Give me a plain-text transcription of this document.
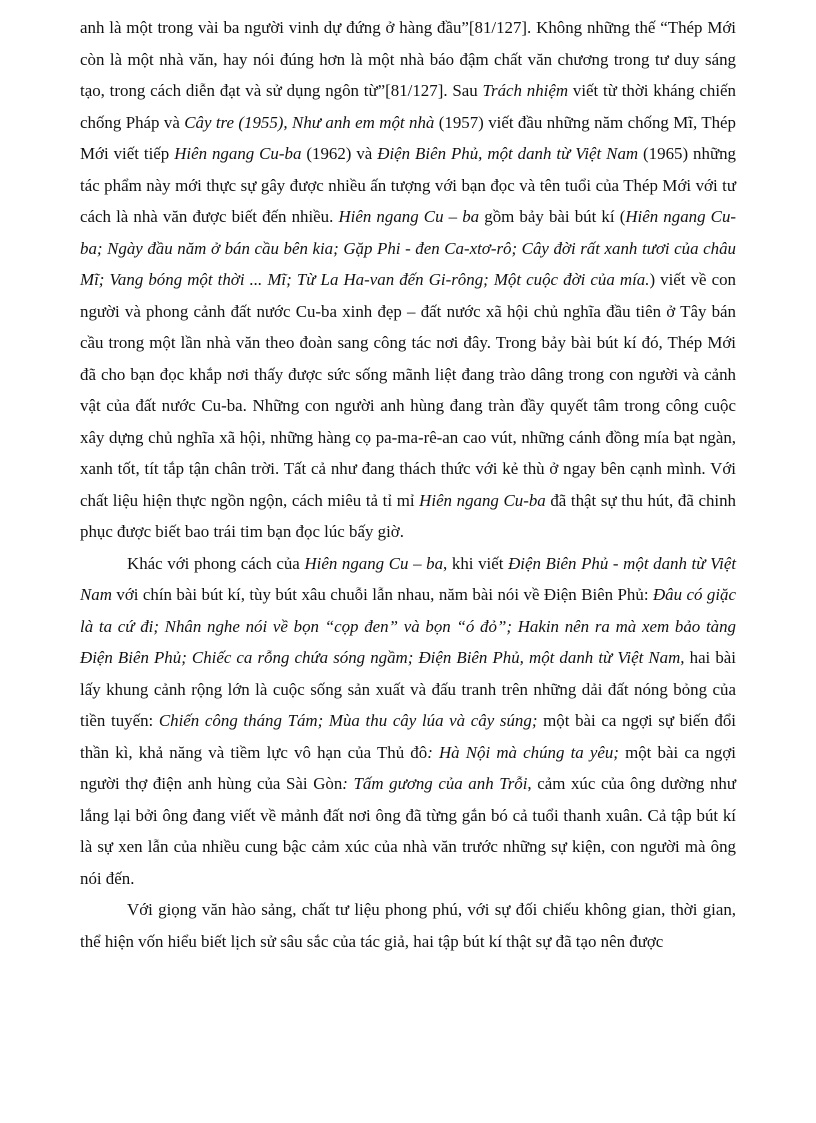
anh là một trong vài ba người vinh dự đứng ở hàng đầu”[81/127]. Không những thế “Thép Mới còn là một nhà văn, hay nói đúng hơn là một nhà báo đậm chất văn chương trong tư duy sáng tạo, trong cách diễn đạt và sử dụng ngôn từ”[81/127]. Sau Trách nhiệm viết từ thời kháng chiến chống Pháp và Cây tre (1955), Như anh em một nhà (1957) viết đầu những năm chống Mĩ, Thép Mới viết tiếp Hiên ngang Cu-ba (1962) và Điện Biên Phủ, một danh từ Việt Nam (1965) những tác phẩm này mới thực sự gây được nhiều ấn tượng với bạn đọc và tên tuổi của Thép Mới với tư cách là nhà văn được biết đến nhiều. Hiên ngang Cu – ba gồm bảy bài bút kí (Hiên ngang Cu-ba; Ngày đầu năm ở bán cầu bên kia; Gặp Phi - đen Ca-xtơ-rô; Cây đời rất xanh tươi của châu Mĩ; Vang bóng một thời ... Mĩ; Từ La Ha-van đến Gi-rông; Một cuộc đời của mía.) viết về con người và phong cảnh đất nước Cu-ba xinh đẹp – đất nước xã hội chủ nghĩa đầu tiên ở Tây bán cầu trong một lần nhà văn theo đoàn sang công tác nơi đây. Trong bảy bài bút kí đó, Thép Mới đã cho bạn đọc khắp nơi thấy được sức sống mãnh liệt đang trào dâng trong con người và cảnh vật của đất nước Cu-ba. Những con người anh hùng đang tràn đầy quyết tâm trong công cuộc xây dựng chủ nghĩa xã hội, những hàng cọ pa-ma-rê-an cao vút, những cánh đồng mía bạt ngàn, xanh tốt, tít tắp tận chân trời. Tất cả như đang thách thức với kẻ thù ở ngay bên cạnh mình. Với chất liệu hiện thực ngồn ngộn, cách miêu tả tỉ mỉ Hiên ngang Cu-ba đã thật sự thu hút, đã chinh phục được biết bao trái tim bạn đọc lúc bấy giờ.

Khác với phong cách của Hiên ngang Cu – ba, khi viết Điện Biên Phủ - một danh từ Việt Nam với chín bài bút kí, tùy bút xâu chuỗi lẫn nhau, năm bài nói về Điện Biên Phủ: Đâu có giặc là ta cứ đi; Nhân nghe nói về bọn “cọp đen” và bọn “ó đỏ”; Hakin nên ra mà xem bảo tàng Điện Biên Phủ; Chiếc ca rỗng chứa sóng ngầm; Điện Biên Phủ, một danh từ Việt Nam, hai bài lấy khung cảnh rộng lớn là cuộc sống sản xuất và đấu tranh trên những dải đất nóng bỏng của tiền tuyến: Chiến công tháng Tám; Mùa thu cây lúa và cây súng; một bài ca ngợi sự biến đổi thần kì, khả năng và tiềm lực vô hạn của Thủ đô: Hà Nội mà chúng ta yêu; một bài ca ngợi người thợ điện anh hùng của Sài Gòn: Tấm gương của anh Trỗi, cảm xúc của ông dường như lắng lại bởi ông đang viết về mảnh đất nơi ông đã từng gắn bó cả tuổi thanh xuân. Cả tập bút kí là sự xen lẫn của nhiều cung bậc cảm xúc của nhà văn trước những sự kiện, con người mà ông nói đến.

Với giọng văn hào sảng, chất tư liệu phong phú, với sự đối chiếu không gian, thời gian, thể hiện vốn hiểu biết lịch sử sâu sắc của tác giả, hai tập bút kí thật sự đã tạo nên được
